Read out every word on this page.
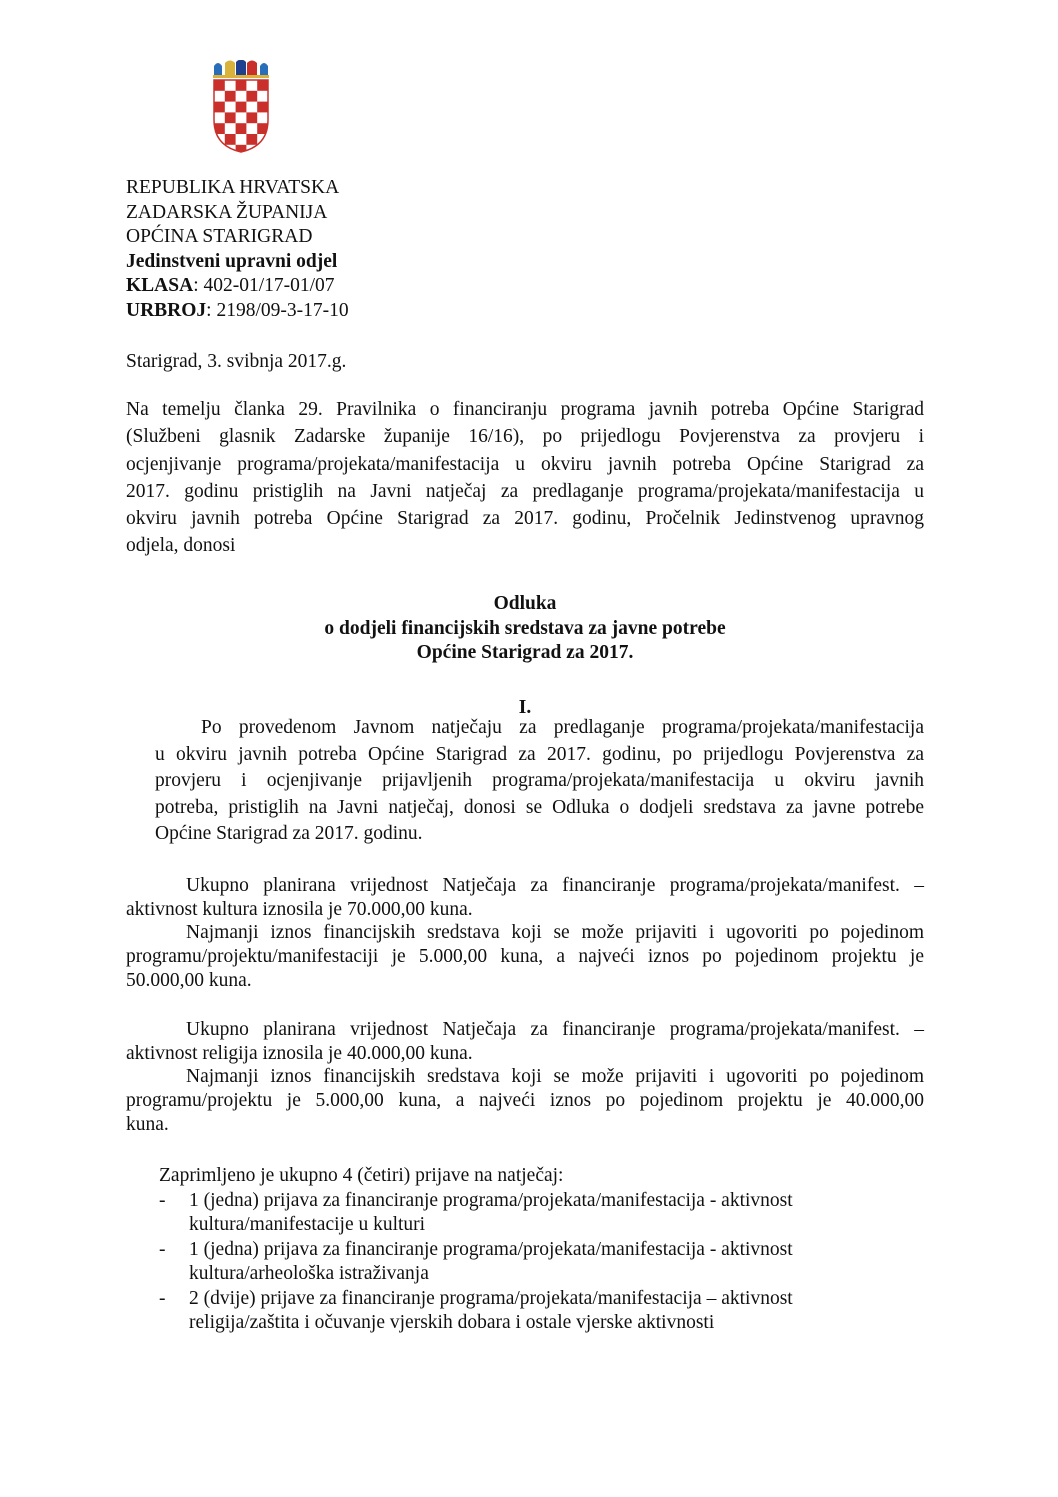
REPUBLIKA HRVATSKA
ZADARSKA ŽUPANIJA
OPĆINA STARIGRAD
Jedinstveni upravni odjel
KLASA: 402-01/17-01/07
URBROJ: 2198/09-3-17-10
Starigrad, 3. svibnja 2017.g.
Na temelju članka 29. Pravilnika o financiranju programa javnih potreba Općine Starigrad
(Službeni glasnik Zadarske županije 16/16), po prijedlogu Povjerenstva za provjeru i
ocjenjivanje programa/projekata/manifestacija u okviru javnih potreba Općine Starigrad za
2017. godinu pristiglih na Javni natječaj za predlaganje programa/projekata/manifestacija u
okviru javnih potreba Općine Starigrad za 2017. godinu, Pročelnik Jedinstvenog upravnog
odjela, donosi
Odluka
o dodjeli financijskih sredstava za javne potrebe
Općine Starigrad za 2017.
I.
Po provedenom Javnom natječaju za predlaganje programa/projekata/manifestacija
u okviru javnih potreba Općine Starigrad za 2017. godinu, po prijedlogu Povjerenstva za
provjeru i ocjenjivanje prijavljenih programa/projekata/manifestacija u okviru javnih
potreba, pristiglih na Javni natječaj, donosi se Odluka o dodjeli sredstava za javne potrebe
Općine Starigrad za 2017. godinu.
Ukupno planirana vrijednost Natječaja za financiranje programa/projekata/manifest. –
aktivnost kultura iznosila je 70.000,00 kuna.
Najmanji iznos financijskih sredstava koji se može prijaviti i ugovoriti po pojedinom
programu/projektu/manifestaciji je 5.000,00 kuna, a najveći iznos po pojedinom projektu je
50.000,00 kuna.
Ukupno planirana vrijednost Natječaja za financiranje programa/projekata/manifest. –
aktivnost religija iznosila je 40.000,00 kuna.
Najmanji iznos financijskih sredstava koji se može prijaviti i ugovoriti po pojedinom
programu/projektu je 5.000,00 kuna, a najveći iznos po pojedinom projektu je 40.000,00
kuna.
Zaprimljeno je ukupno 4 (četiri) prijave na natječaj:
- 1 (jedna) prijava za financiranje programa/projekata/manifestacija - aktivnost
kultura/manifestacije u kulturi
- 1 (jedna) prijava za financiranje programa/projekata/manifestacija - aktivnost
kultura/arheološka istraživanja
- 2 (dvije) prijave za financiranje programa/projekata/manifestacija – aktivnost
religija/zaštita i očuvanje vjerskih dobara i ostale vjerske aktivnosti
